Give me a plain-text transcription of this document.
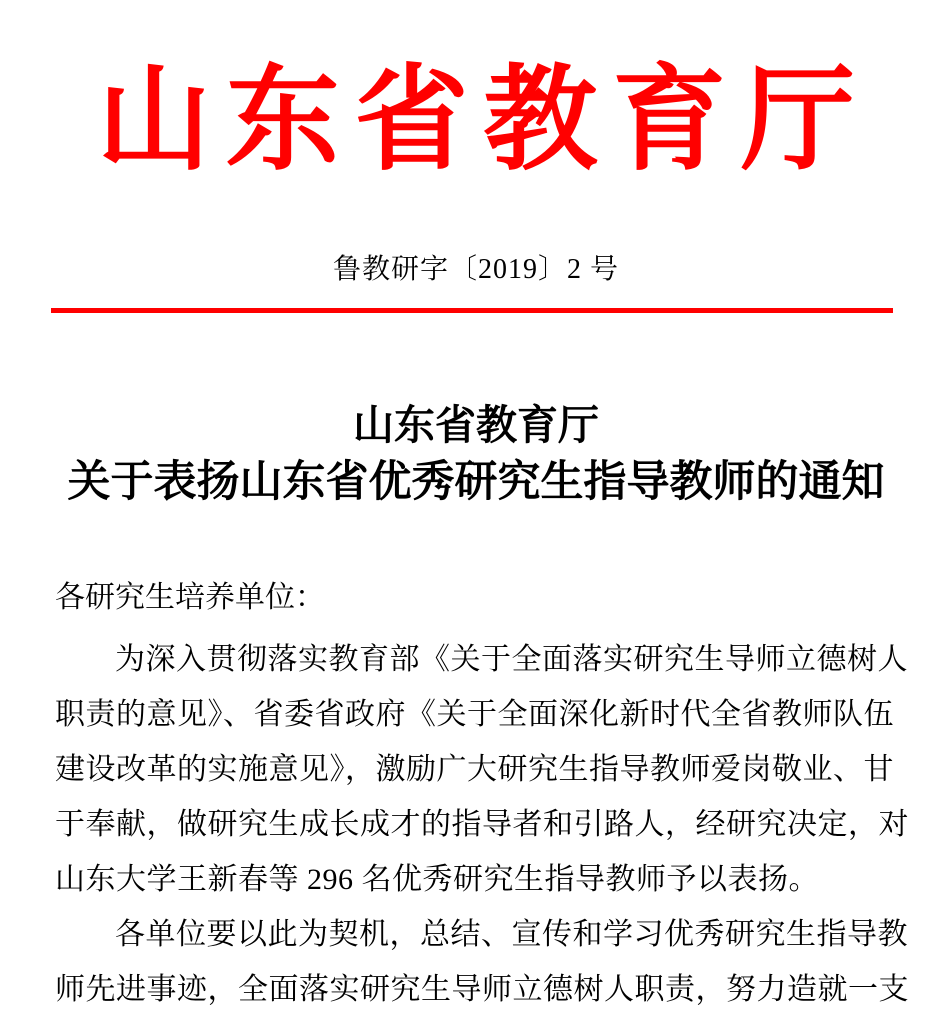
山东省教育厅
鲁教研字〔2019〕2 号
山东省教育厅
关于表扬山东省优秀研究生指导教师的通知
各研究生培养单位：
为深入贯彻落实教育部《关于全面落实研究生导师立德树人
职责的意见》、省委省政府《关于全面深化新时代全省教师队伍
建设改革的实施意见》，激励广大研究生指导教师爱岗敬业、甘
于奉献，做研究生成长成才的指导者和引路人，经研究决定，对
山东大学王新春等 296 名优秀研究生指导教师予以表扬。
各单位要以此为契机，总结、宣传和学习优秀研究生指导教
师先进事迹，全面落实研究生导师立德树人职责，努力造就一支
